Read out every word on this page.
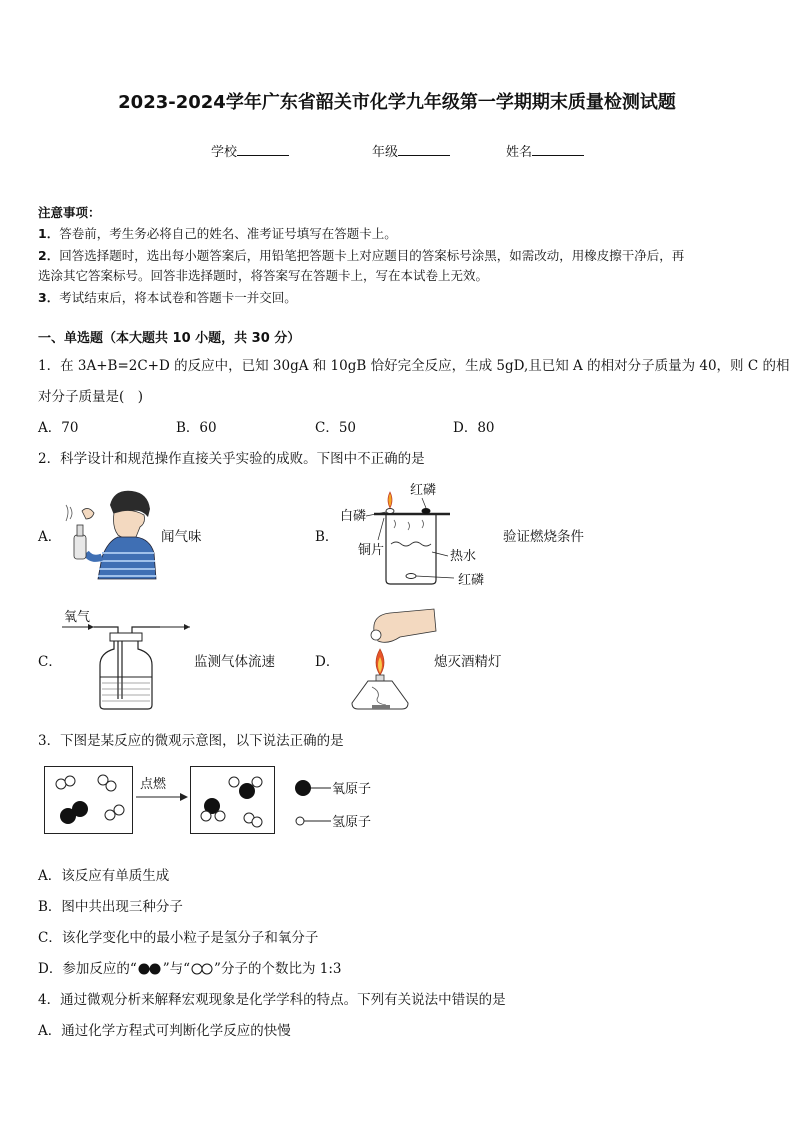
2023-2024学年广东省韶关市化学九年级第一学期期末质量检测试题
学校	年级	姓名
注意事项：
1．答卷前，考生务必将自己的姓名、准考证号填写在答题卡上。
2．回答选择题时，选出每小题答案后，用铅笔把答题卡上对应题目的答案标号涂黑，如需改动，用橡皮擦干净后，再
选涂其它答案标号。回答非选择题时，将答案写在答题卡上，写在本试卷上无效。
3．考试结束后，将本试卷和答题卡一并交回。
一、单选题（本大题共 10 小题，共 30 分）
1．在 3A+B=2C+D 的反应中，已知 30gA 和 10gB 恰好完全反应，生成 5gD,且已知 A 的相对分子质量为 40，则 C 的相
对分子质量是(　)
A．70	B．60	C．50	D．80
2．科学设计和规范操作直接关乎实验的成败。下图中不正确的是
A．	闻气味	B．
红磷
白磷
铜片	热水
红磷
验证燃烧条件
C．
氧气
监测气体流速	D．	熄灭酒精灯
3．下图是某反应的微观示意图，以下说法正确的是
点燃	氧原子
氢原子
A．该反应有单质生成
B．图中共出现三种分子
C．该化学变化中的最小粒子是氢分子和氧分子
D．参加反应的“ ”与“ ”分子的个数比为 1:3
4．通过微观分析来解释宏观现象是化学学科的特点。下列有关说法中错误的是
A．通过化学方程式可判断化学反应的快慢
